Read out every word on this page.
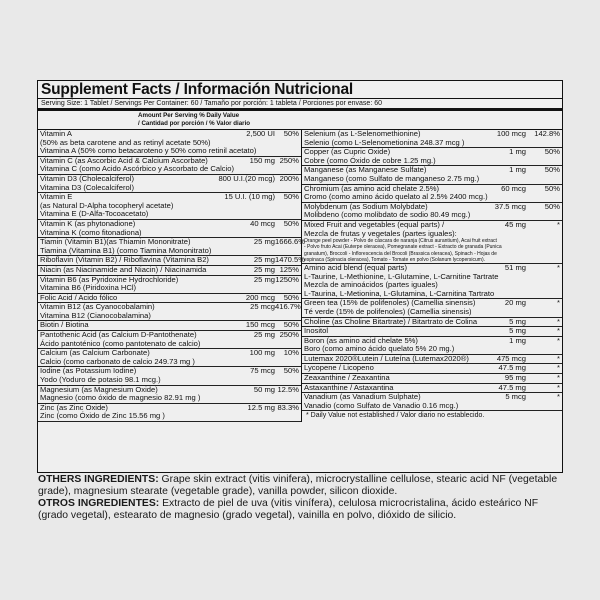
Supplement Facts / Información Nutricional
Serving Size: 1 Tablet / Servings Per Container: 60 / Tamaño por porción: 1 tableta / Porciones por envase: 60
Amount Per Serving % Daily Value
/ Cantidad por porción / % Valor diario
Vitamin A
(50% as beta carotene and as retinyl acetate 50%)
Vitamina A (50% como betacaroteno y 50% como retinil acetato)
2,500 UI	50%
Vitamin C (as Ascorbic Acid & Calcium Ascorbate)
Vitamina C (como Acido Ascórbico y Ascorbato de Calcio)
150 mg 250%
Vitamin D3 (Cholecalciferol)
Vitamina D3 (Colecalciferol)
800 U.I.(20 mcg) 200%
Vitamin E
(as Natural D-Alpha tocopheryl acetate)
Vitamina E (D-Alfa-Tocoacetato)
15 U.I. (10 mg)	50%
Vitamin K (as phytonadione)
Vitamina K (como fitonadiona)
40 mcg	50%
Tiamin (Vitamin B1)(as Thiamin Mononitrate)
Tiamina (Vitamina B1) (como Tiamina Mononitrato)
25 mg 1666.6%
Riboflavin (Vitamin B2) / Riboflavina (Vitamina B2)	25 mg 1470.5%
Niacin (as Niacinamide and Niacin) / Niacinamida	25 mg 125%
Vitamin B6 (as Pyridoxine Hydrochloride)
Vitamina B6 (Piridoxina HCl)
25 mg 1250%
Folic Acid / Acido fólico	200 mcg	50%
Vitamin B12 (as Cyanocobalamin)
Vitamina B12 (Cianocobalamina)
25 mcg 416.7%
Biotin / Biotina	150 mcg	50%
Pantothenic Acid (as Calcium D-Pantothenate)
Ácido pantoténico (como pantotenato de calcio)
25 mg 250%
Calcium (as Calcium Carbonate)
Calcio (como carbonato de calcio 249.73 mg )
100 mg	10%
Iodine (as Potassium Iodine)
Yodo (Yoduro de potasio 98.1 mcg.)
75 mcg	50%
Magnesium (as Magnesium Oxide)
Magnesio (como óxido de magnesio 82.91 mg )
50 mg 12.5%
Zinc (as Zinc Oxide)
Zinc (como Óxido de Zinc 15.56 mg )
12.5 mg 83.3%
Selenium (as L-Selenomethionine)
Selenio (como L-Selenometionina 248.37 mcg )
100 mcg	142.8%
Copper (as Cupric Oxide)
Cobre (como Óxido de cobre 1.25 mg.)
1 mg	50%
Manganese (as Manganese Sulfate)
Manganeso (como Sulfato de manganeso 2.75 mg.)
1 mg	50%
Chromium (as amino acid chelate 2.5%)
Cromo (como amino ácido quelato al 2.5% 2400 mcg.)
60 mcg	50%
Molybdenum (as Sodium Molybdate)
Molibdeno (como molibdato de sodio 80.49 mcg.)
37.5 mcg	50%
Mixed Fruit and vegetables (equal parts) /
Mezcla de frutas y vegetales (partes iguales):
Orange peel powder - Polvo de cáscara de naranja (Citrus aurantium), Acai fruit extract
- Polvo fruto Acai (Euterpe oleracea), Pomegranate extract - Extracto de granada (Punica
granatum), Broccoli - Inflorescencia del Brocoli (Brassica oleracea), Spinach - Hojas de
espinaca (Spinacia oleracea), Tomato - Tomate en polvo (Solanum lycopersicum).
45 mg	*
Amino acid blend (equal parts)
L-Taurine, L-Methionine, L-Glutamine, L-Carnitine Tartrate
Mezcla de aminoácidos (partes iguales)
L-Taurina, L-Metionina, L-Glutamina, L-Carnitina Tartrato
51 mg	*
Green tea (15% de polifenoles) (Camellia sinensis)
Té verde (15% de polifenoles) (Camellia sinensis)
20 mg	*
Choline (as Choline Bitartrate) / Bitartrato de Colina	5 mg	*
Inositol	5 mg	*
Boron (as amino acid chelate 5%)
Boro (como amino ácido quelato 5% 20 mg.)
1 mg	*
Lutemax 2020®Lutein / Luteína (Lutemax2020®)	475 mcg	*
Lycopene / Licopeno	47.5 mg	*
Zeaxanthine / Zeaxantina	95 mg	*
Astaxanthine / Astaxantina	47.5 mg	*
Vanadium (as Vanadium Sulphate)
Vanadio (como Sulfato de Vanadio 0.16 mcg.)
5 mcg	*
* Daily Value not established / Valor diario no establecido.
OTHERS INGREDIENTS: Grape skin extract (vitis vinifera), microcrystalline cellulose, stearic acid NF (vegetable grade), magnesium stearate (vegetable grade), vanilla powder, silicon dioxide.
OTROS INGREDIENTES: Extracto de piel de uva (vitis vinífera), celulosa microcristalina, ácido esteárico NF (grado vegetal), estearato de magnesio (grado vegetal), vainilla en polvo, dióxido de silicio.
